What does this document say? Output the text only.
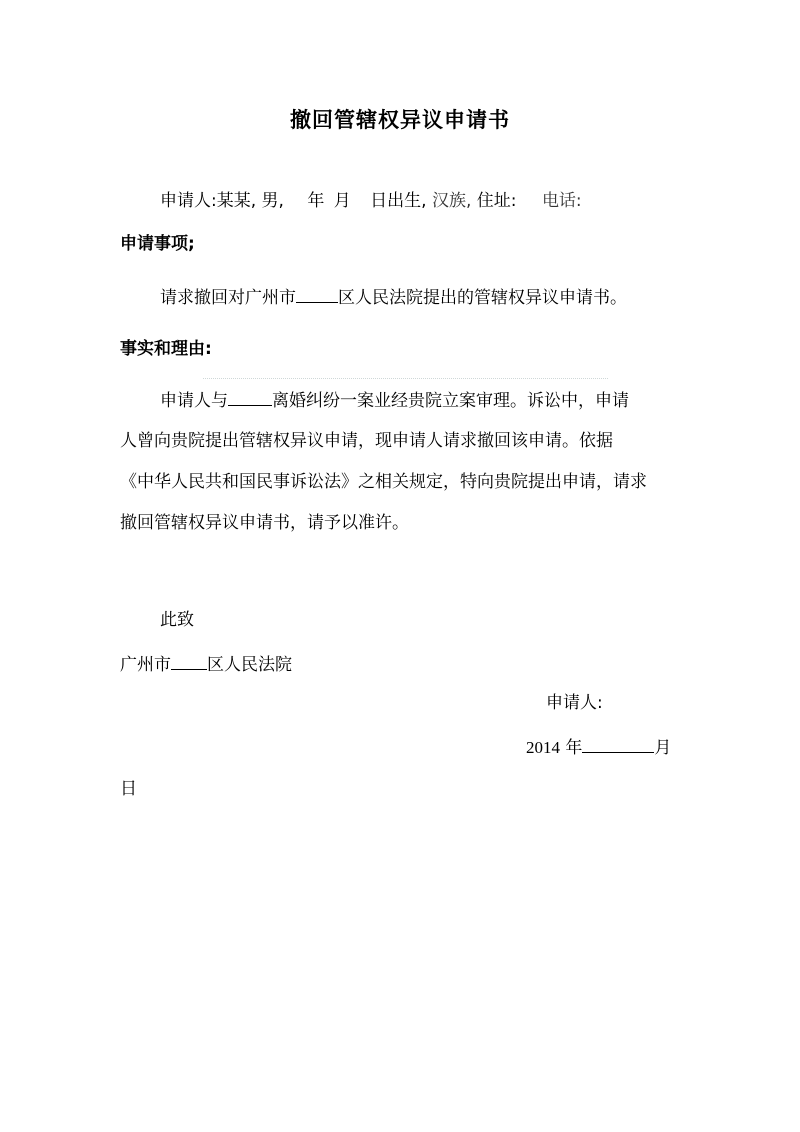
撤回管辖权异议申请书
申请人:某某, 男, 年 月 日出生, 汉族, 住址: 电话:
申请事项;
请求撤回对广州市 区人民法院提出的管辖权异议申请书。
事实和理由:
申请人与	离婚纠纷一案业经贵院立案审理。诉讼中，申请
人曾向贵院提出管辖权异议申请，现申请人请求撤回该申请。依据
《中华人民共和国民事诉讼法》之相关规定，特向贵院提出申请，请求
撤回管辖权异议申请书，请予以准许。
此致
广州市 区人民法院
申请人:
2014 年	月
日
